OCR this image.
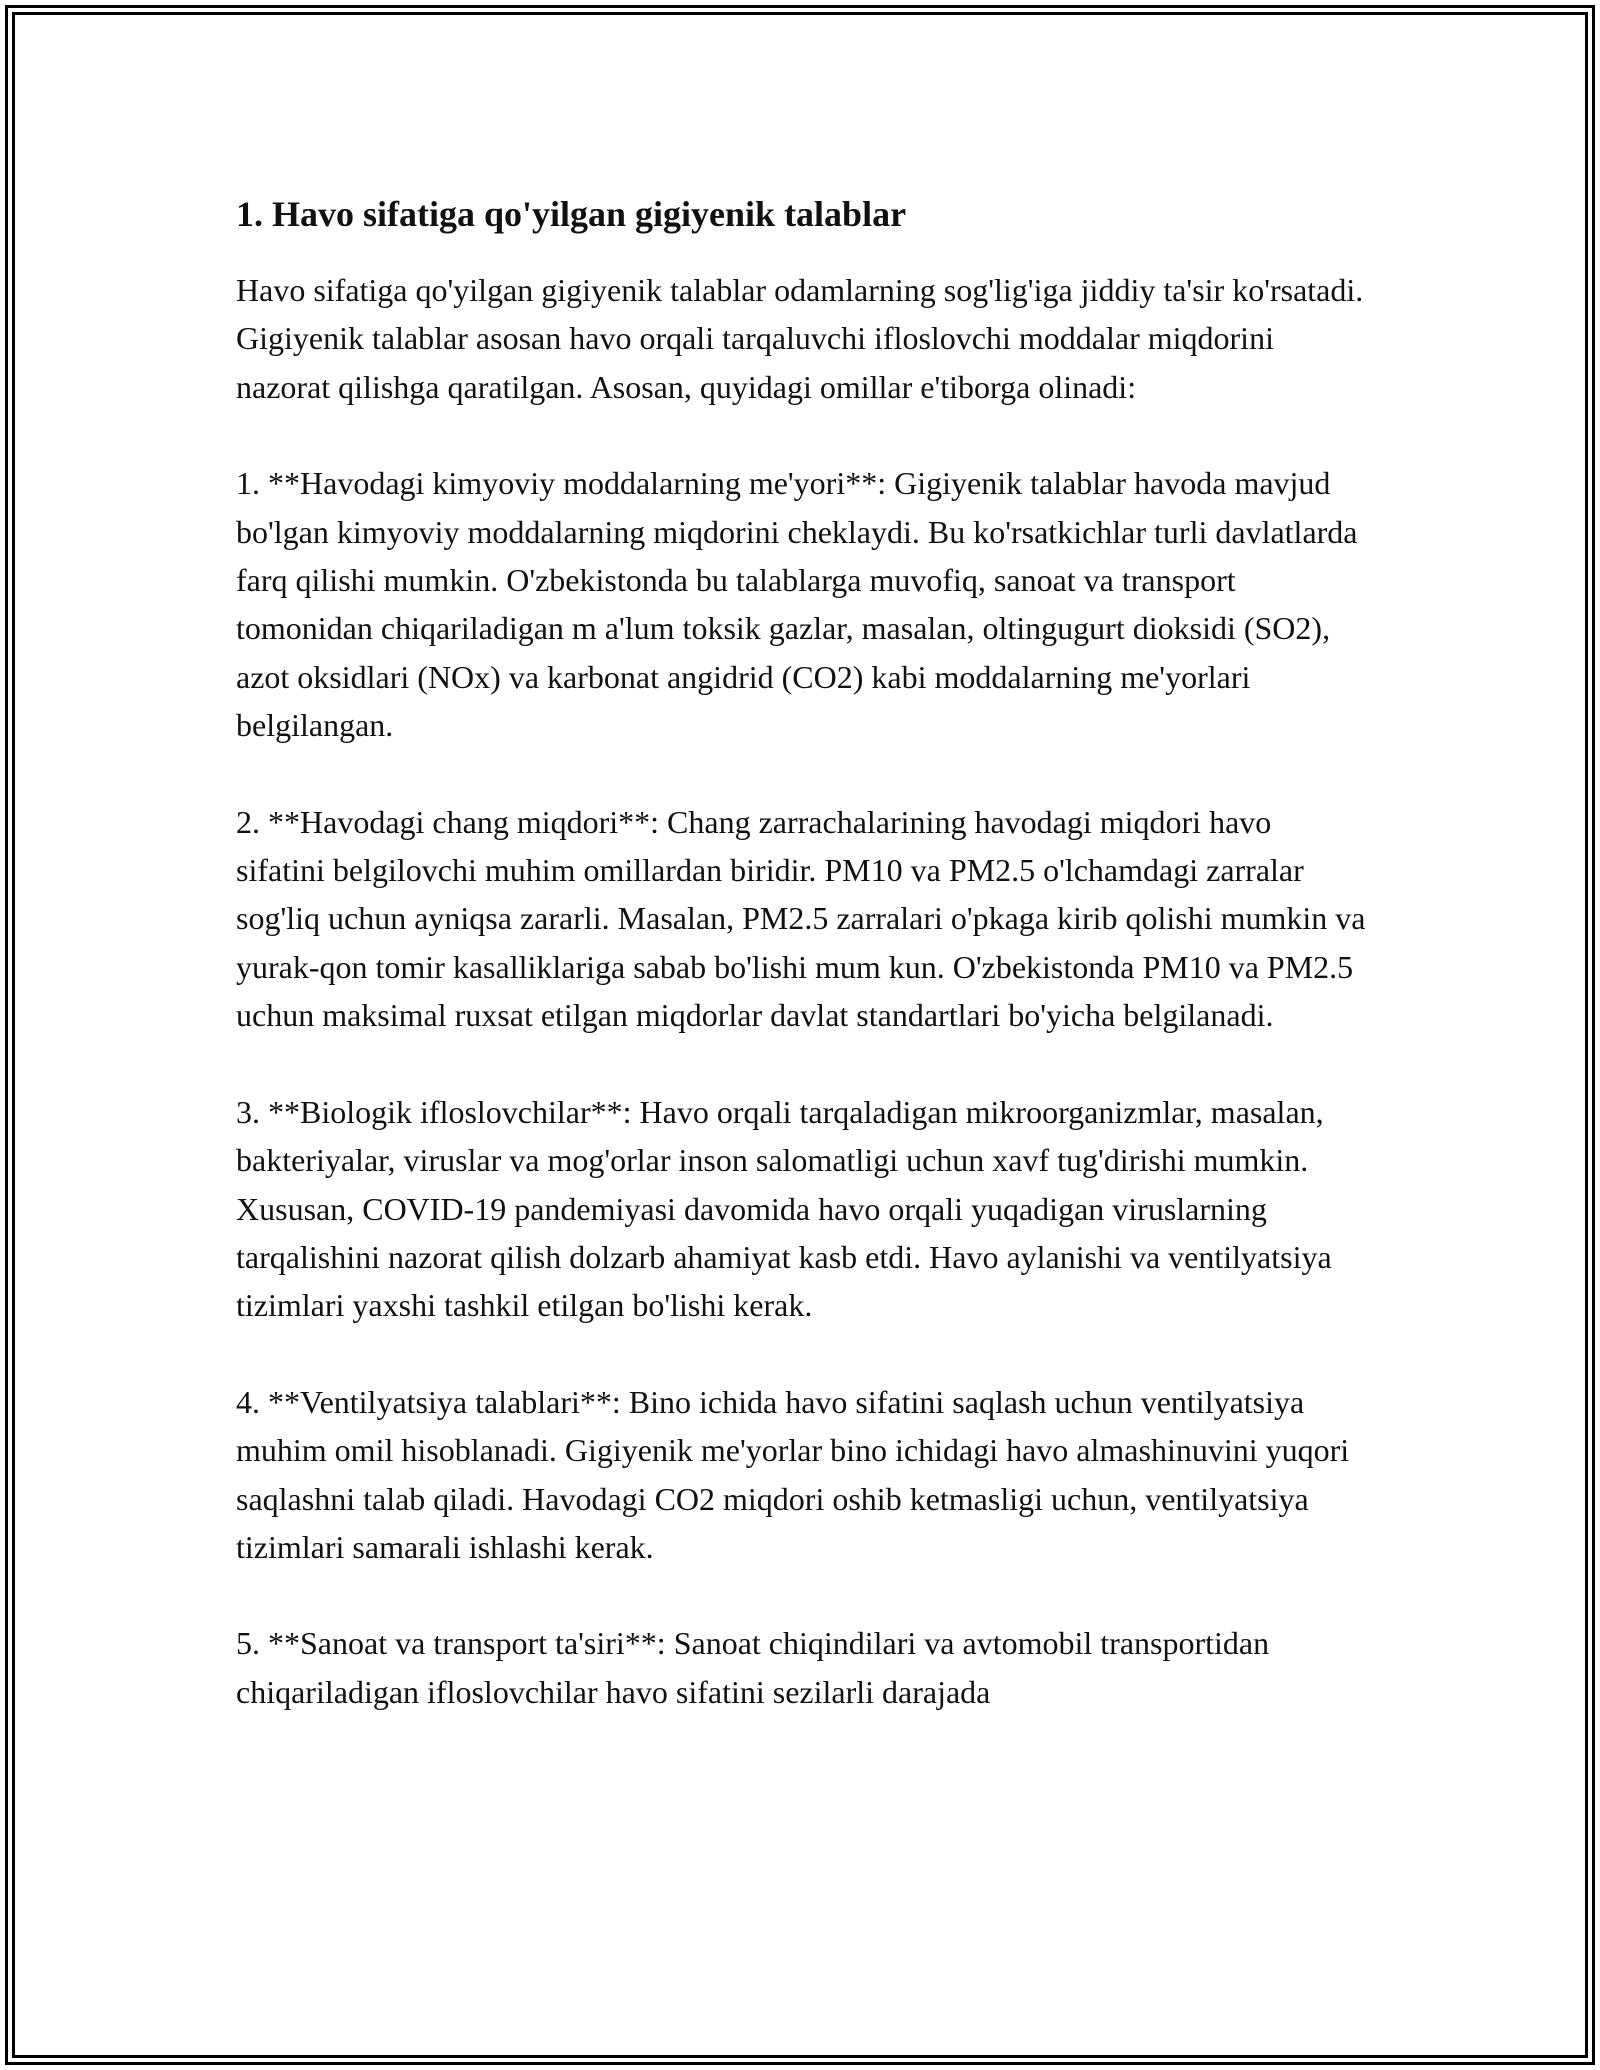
1. Havo sifatiga qo'yilgan gigiyenik talablar

Havo sifatiga qo'yilgan gigiyenik talablar odamlarning sog'lig'iga jiddiy ta'sir ko'rsatadi. Gigiyenik talablar asosan havo orqali tarqaluvchi ifloslovchi moddalar miqdorini nazorat qilishga qaratilgan. Asosan, quyidagi omillar e'tiborga olinadi:

1. **Havodagi kimyoviy moddalarning me'yori**: Gigiyenik talablar havoda mavjud bo'lgan kimyoviy moddalarning miqdorini cheklaydi. Bu ko'rsatkichlar turli davlatlarda farq qilishi mumkin. O'zbekistonda bu talablarga muvofiq, sanoat va transport tomonidan chiqariladigan m a'lum toksik gazlar, masalan, oltingugurt dioksidi (SO2), azot oksidlari (NOx) va karbonat angidrid (CO2) kabi moddalarning me'yorlari belgilangan.

2. **Havodagi chang miqdori**: Chang zarrachalarining havodagi miqdori havo sifatini belgilovchi muhim omillardan biridir. PM10 va PM2.5 o'lchamdagi zarralar sog'liq uchun ayniqsa zararli. Masalan, PM2.5 zarralari o'pkaga kirib qolishi mumkin va yurak-qon tomir kasalliklariga sabab bo'lishi mum kun. O'zbekistonda PM10 va PM2.5 uchun maksimal ruxsat etilgan miqdorlar davlat standartlari bo'yicha belgilanadi.

3. **Biologik ifloslovchilar**: Havo orqali tarqaladigan mikroorganizmlar, masalan, bakteriyalar, viruslar va mog'orlar inson salomatligi uchun xavf tug'dirishi mumkin. Xususan, COVID-19 pandemiyasi davomida havo orqali yuqadigan viruslarning tarqalishini nazorat qilish dolzarb ahamiyat kasb etdi. Havo aylanishi va ventilyatsiya tizimlari yaxshi tashkil etilgan bo'lishi kerak.

4. **Ventilyatsiya talablari**: Bino ichida havo sifatini saqlash uchun ventilyatsiya muhim omil hisoblanadi. Gigiyenik me'yorlar bino ichidagi havo almashinuvini yuqori saqlashni talab qiladi. Havodagi CO2 miqdori oshib ketmasligi uchun, ventilyatsiya tizimlari samarali ishlashi kerak.

5. **Sanoat va transport ta'siri**: Sanoat chiqindilari va avtomobil transportidan chiqariladigan ifloslovchilar havo sifatini sezilarli darajada
